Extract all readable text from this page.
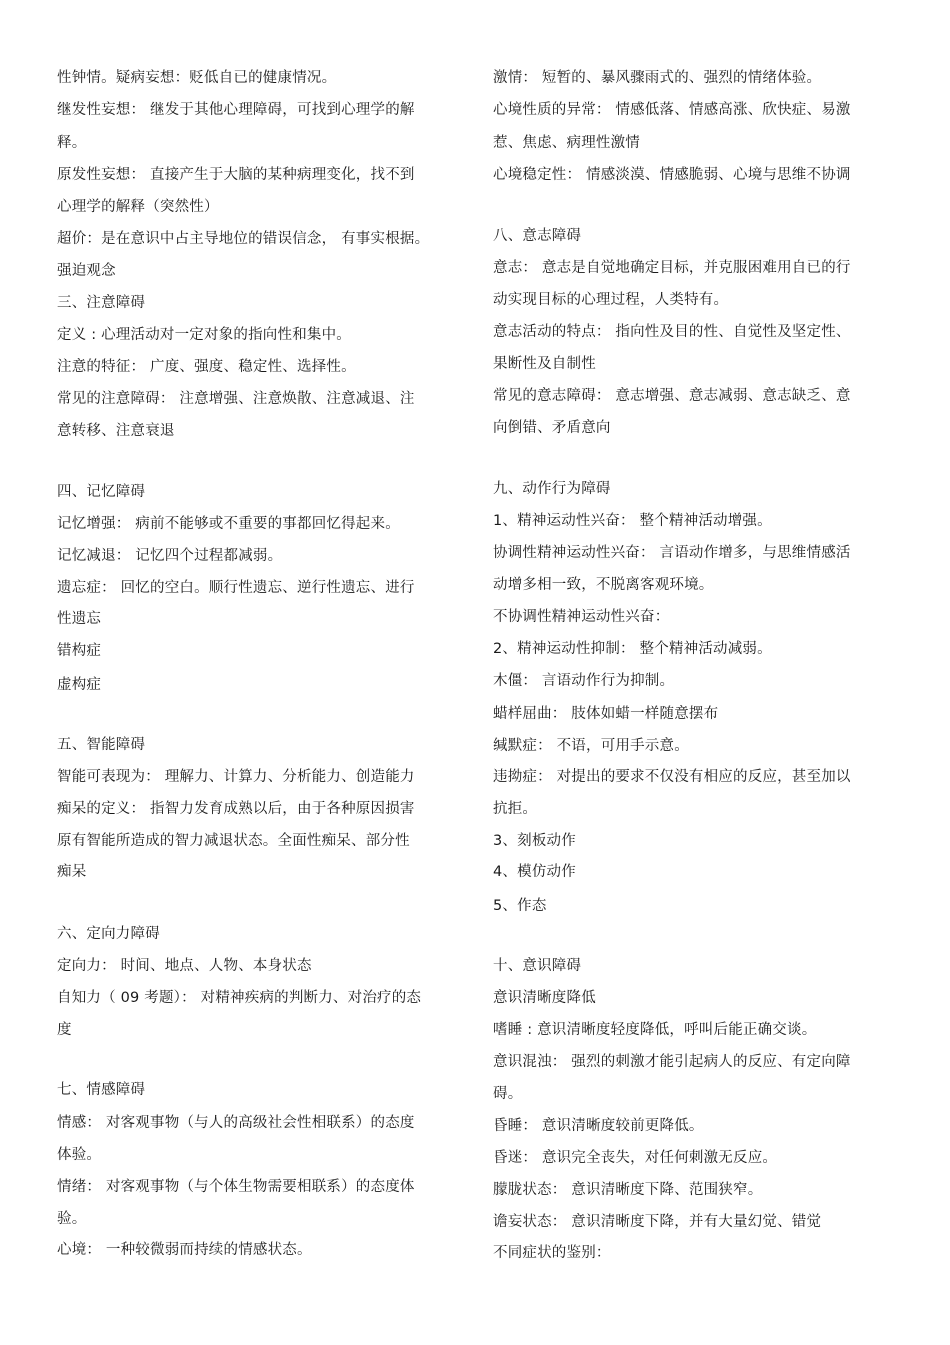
性钟情。疑病妄想：贬低自已的健康情况。
继发性妄想： 继发于其他心理障碍，可找到心理学的解
释。
原发性妄想： 直接产生于大脑的某种病理变化，找不到
心理学的解释（突然性）
超价：是在意识中占主导地位的错误信念， 有事实根据。
强迫观念
三、注意障碍
定义 : 心理活动对一定对象的指向性和集中。
注意的特征： 广度、强度、稳定性、选择性。
常见的注意障碍： 注意增强、注意焕散、注意减退、注
意转移、注意衰退
四、记忆障碍
记忆增强： 病前不能够或不重要的事都回忆得起来。
记忆减退： 记忆四个过程都减弱。
遗忘症： 回忆的空白。顺行性遗忘、逆行性遗忘、进行
性遗忘
错构症
虚构症
五、智能障碍
智能可表现为： 理解力、计算力、分析能力、创造能力
痴呆的定义： 指智力发育成熟以后，由于各种原因损害
原有智能所造成的智力减退状态。全面性痴呆、部分性
痴呆
六、定向力障碍
定向力： 时间、地点、人物、本身状态
自知力（ 09 考题）： 对精神疾病的判断力、对治疗的态
度
七、情感障碍
情感： 对客观事物（与人的高级社会性相联系）的态度
体验。
情绪： 对客观事物（与个体生物需要相联系）的态度体
验。
心境： 一种较微弱而持续的情感状态。
激情： 短暂的、暴风骤雨式的、强烈的情绪体验。
心境性质的异常： 情感低落、情感高涨、欣快症、易激
惹、焦虑、病理性激情
心境稳定性： 情感淡漠、情感脆弱、心境与思维不协调
八、意志障碍
意志： 意志是自觉地确定目标，并克服困难用自已的行
动实现目标的心理过程，人类特有。
意志活动的特点： 指向性及目的性、自觉性及坚定性、
果断性及自制性
常见的意志障碍： 意志增强、意志减弱、意志缺乏、意
向倒错、矛盾意向
九、动作行为障碍
1、精神运动性兴奋： 整个精神活动增强。
协调性精神运动性兴奋： 言语动作增多，与思维情感活
动增多相一致，不脱离客观环境。
不协调性精神运动性兴奋：
2、精神运动性抑制： 整个精神活动减弱。
木僵： 言语动作行为抑制。
蜡样屈曲： 肢体如蜡一样随意摆布
缄默症： 不语，可用手示意。
违拗症： 对提出的要求不仅没有相应的反应，甚至加以
抗拒。
3、刻板动作
4、模仿动作
5、作态
十、意识障碍
意识清晰度降低
嗜睡 : 意识清晰度轻度降低，呼叫后能正确交谈。
意识混浊： 强烈的刺激才能引起病人的反应、有定向障
碍。
昏睡： 意识清晰度较前更降低。
昏迷： 意识完全丧失，对任何刺激无反应。
朦胧状态： 意识清晰度下降、范围狭窄。
谵妄状态： 意识清晰度下降，并有大量幻觉、错觉
不同症状的鉴别：
